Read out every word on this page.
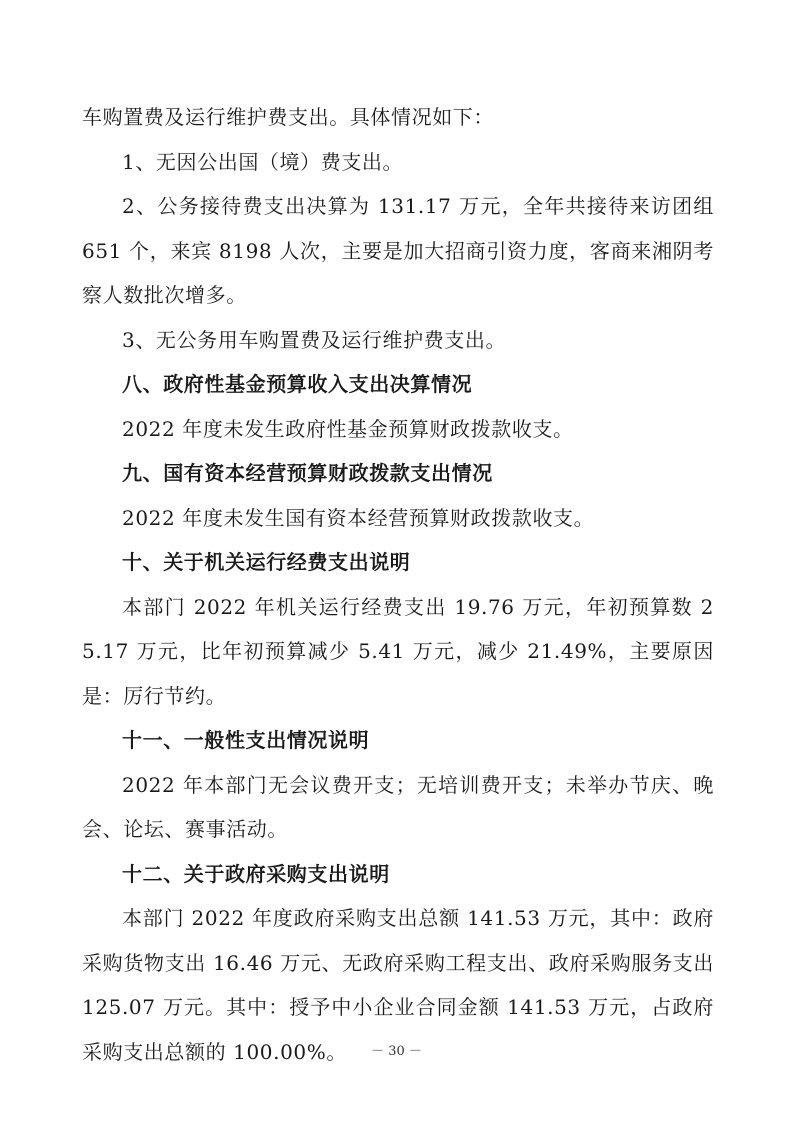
车购置费及运行维护费支出。具体情况如下：

1、无因公出国（境）费支出。

2、公务接待费支出决算为 131.17 万元，全年共接待来访团组 651 个，来宾 8198 人次，主要是加大招商引资力度，客商来湘阴考察人数批次增多。

3、无公务用车购置费及运行维护费支出。

八、政府性基金预算收入支出决算情况

2022 年度未发生政府性基金预算财政拨款收支。

九、国有资本经营预算财政拨款支出情况

2022 年度未发生国有资本经营预算财政拨款收支。

十、关于机关运行经费支出说明

本部门 2022 年机关运行经费支出 19.76 万元，年初预算数 25.17 万元，比年初预算减少 5.41 万元，减少 21.49%，主要原因是：厉行节约。

十一、一般性支出情况说明

2022 年本部门无会议费开支；无培训费开支；未举办节庆、晚会、论坛、赛事活动。

十二、关于政府采购支出说明

本部门 2022 年度政府采购支出总额 141.53 万元，其中：政府采购货物支出 16.46 万元、无政府采购工程支出、政府采购服务支出 125.07 万元。其中：授予中小企业合同金额 141.53 万元，占政府采购支出总额的 100.00%。	－ 30 －
